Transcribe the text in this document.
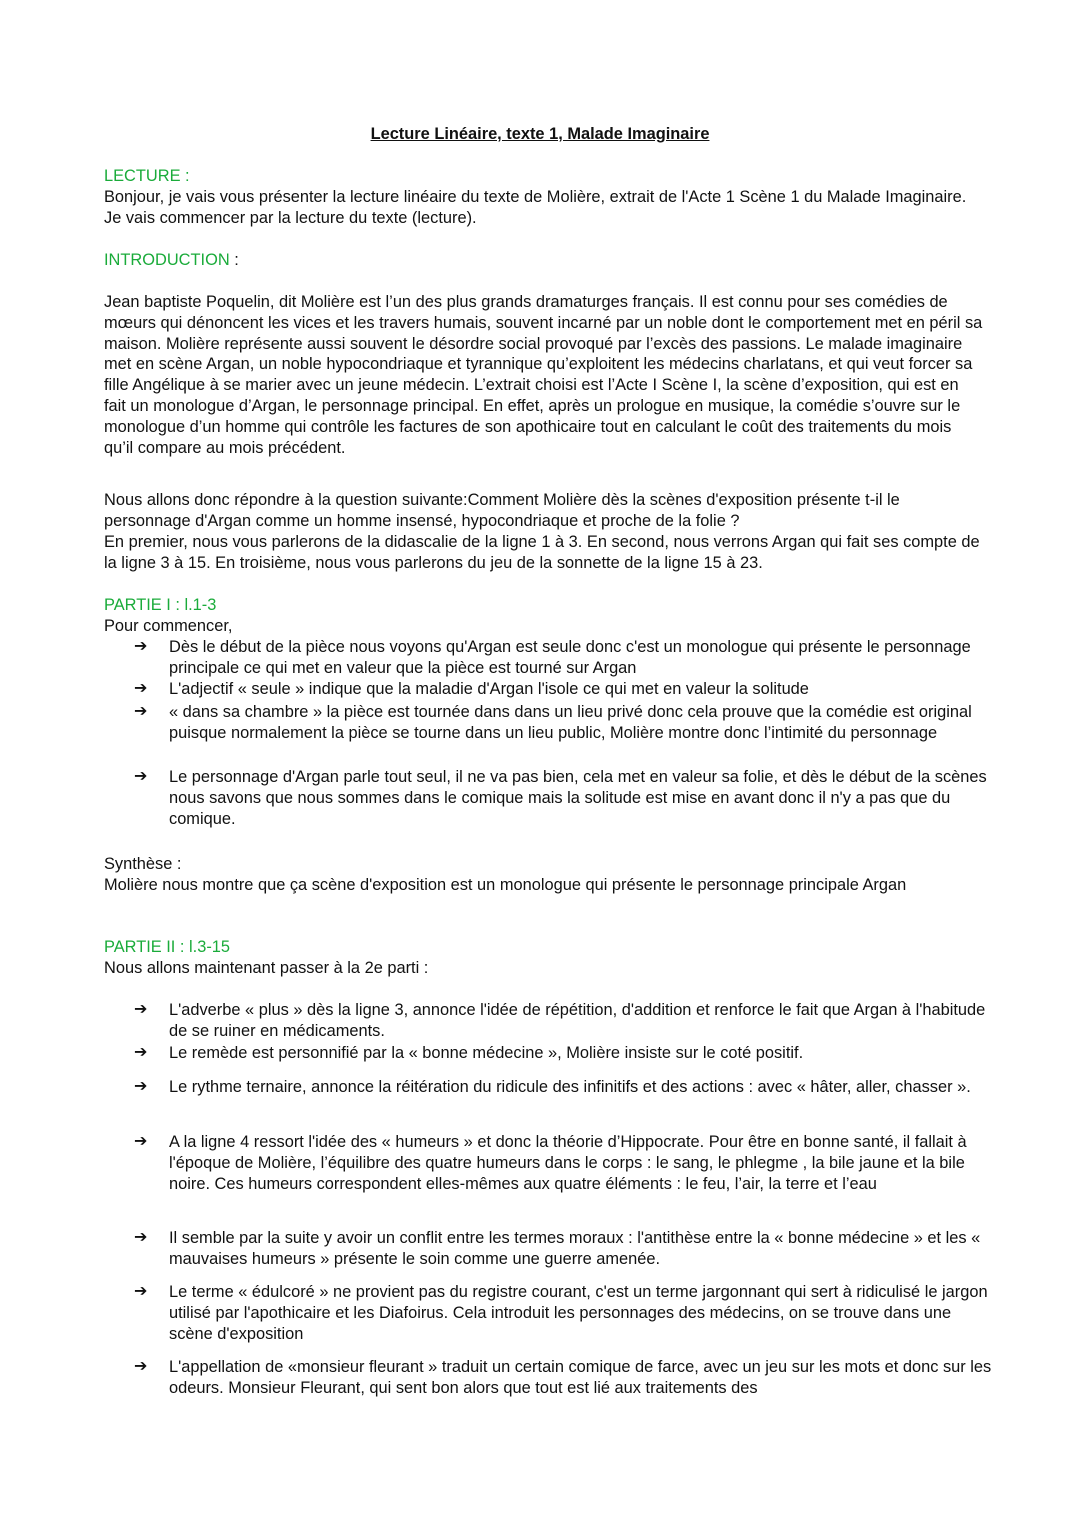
Lecture Linéaire, texte 1, Malade Imaginaire

LECTURE :

Bonjour, je vais vous présenter la lecture linéaire du texte de Molière, extrait de l'Acte 1 Scène 1 du Malade Imaginaire. Je vais commencer par la lecture du texte (lecture).

INTRODUCTION :

Jean baptiste Poquelin, dit Molière est l’un des plus grands dramaturges français. Il est connu pour ses comédies de mœurs qui dénoncent les vices et les travers humais, souvent incarné par un noble dont le comportement met en péril sa maison. Molière représente aussi souvent le désordre social provoqué par l’excès des passions. Le malade imaginaire met en scène Argan, un noble hypocondriaque et tyrannique qu’exploitent les médecins charlatans, et qui veut forcer sa fille Angélique à se marier avec un jeune médecin. L’extrait choisi est l’Acte I Scène I, la scène d’exposition, qui est en fait un monologue d’Argan, le personnage principal. En effet, après un prologue en musique, la comédie s’ouvre sur le monologue d’un homme qui contrôle les factures de son apothicaire tout en calculant le coût des traitements du mois qu’il compare au mois précédent.

Nous allons donc répondre à la question suivante:Comment Molière dès la scènes d'exposition présente t-il le personnage d'Argan comme un homme insensé, hypocondriaque et proche de la folie ?

En premier, nous vous parlerons de la didascalie de la ligne 1 à 3. En second, nous verrons Argan qui fait ses compte de la ligne 3 à 15. En troisième, nous vous parlerons du jeu de la sonnette de la ligne 15 à 23.

PARTIE I : l.1-3

Pour commencer,

➔ Dès le début de la pièce nous voyons qu'Argan est seule donc c'est un monologue qui présente le personnage principale ce qui met en valeur que la pièce est tourné sur Argan
➔ L'adjectif « seule » indique que la maladie d'Argan l'isole ce qui met en valeur la solitude
➔ « dans sa chambre » la pièce est tournée dans dans un lieu privé donc cela prouve que la comédie est original puisque normalement la pièce se tourne dans un lieu public, Molière montre donc l’intimité du personnage
➔ Le personnage d'Argan parle tout seul, il ne va pas bien, cela met en valeur sa folie, et dès le début de la scènes nous savons que nous sommes dans le comique mais la solitude est mise en avant donc il n'y a pas que du comique.

Synthèse :

Molière nous montre que ça scène d'exposition est un monologue qui présente le personnage principale Argan

PARTIE II : l.3-15

Nous allons maintenant passer à la 2e parti :

➔ L'adverbe « plus » dès la ligne 3, annonce l'idée de répétition, d'addition et renforce le fait que Argan à l'habitude de se ruiner en médicaments.
➔ Le remède est personnifié par la « bonne médecine », Molière insiste sur le coté positif.
➔ Le rythme ternaire, annonce la réitération du ridicule des infinitifs et des actions : avec « hâter, aller, chasser ».
➔ A la ligne 4 ressort l'idée des « humeurs » et donc la théorie d’Hippocrate. Pour être en bonne santé, il fallait à l'époque de Molière, l’équilibre des quatre humeurs dans le corps : le sang, le phlegme , la bile jaune et la bile noire. Ces humeurs correspondent elles-mêmes aux quatre éléments : le feu, l’air, la terre et l’eau
➔ Il semble par la suite y avoir un conflit entre les termes moraux : l'antithèse entre la « bonne médecine » et les « mauvaises humeurs » présente le soin comme une guerre amenée.
➔ Le terme « édulcoré » ne provient pas du registre courant, c'est un terme jargonnant qui sert à ridiculisé le jargon utilisé par l'apothicaire et les Diafoirus. Cela introduit les personnages des médecins, on se trouve dans une scène d'exposition
➔ L'appellation de «monsieur fleurant » traduit un certain comique de farce, avec un jeu sur les mots et donc sur les odeurs. Monsieur Fleurant, qui sent bon alors que tout est lié aux traitements des
